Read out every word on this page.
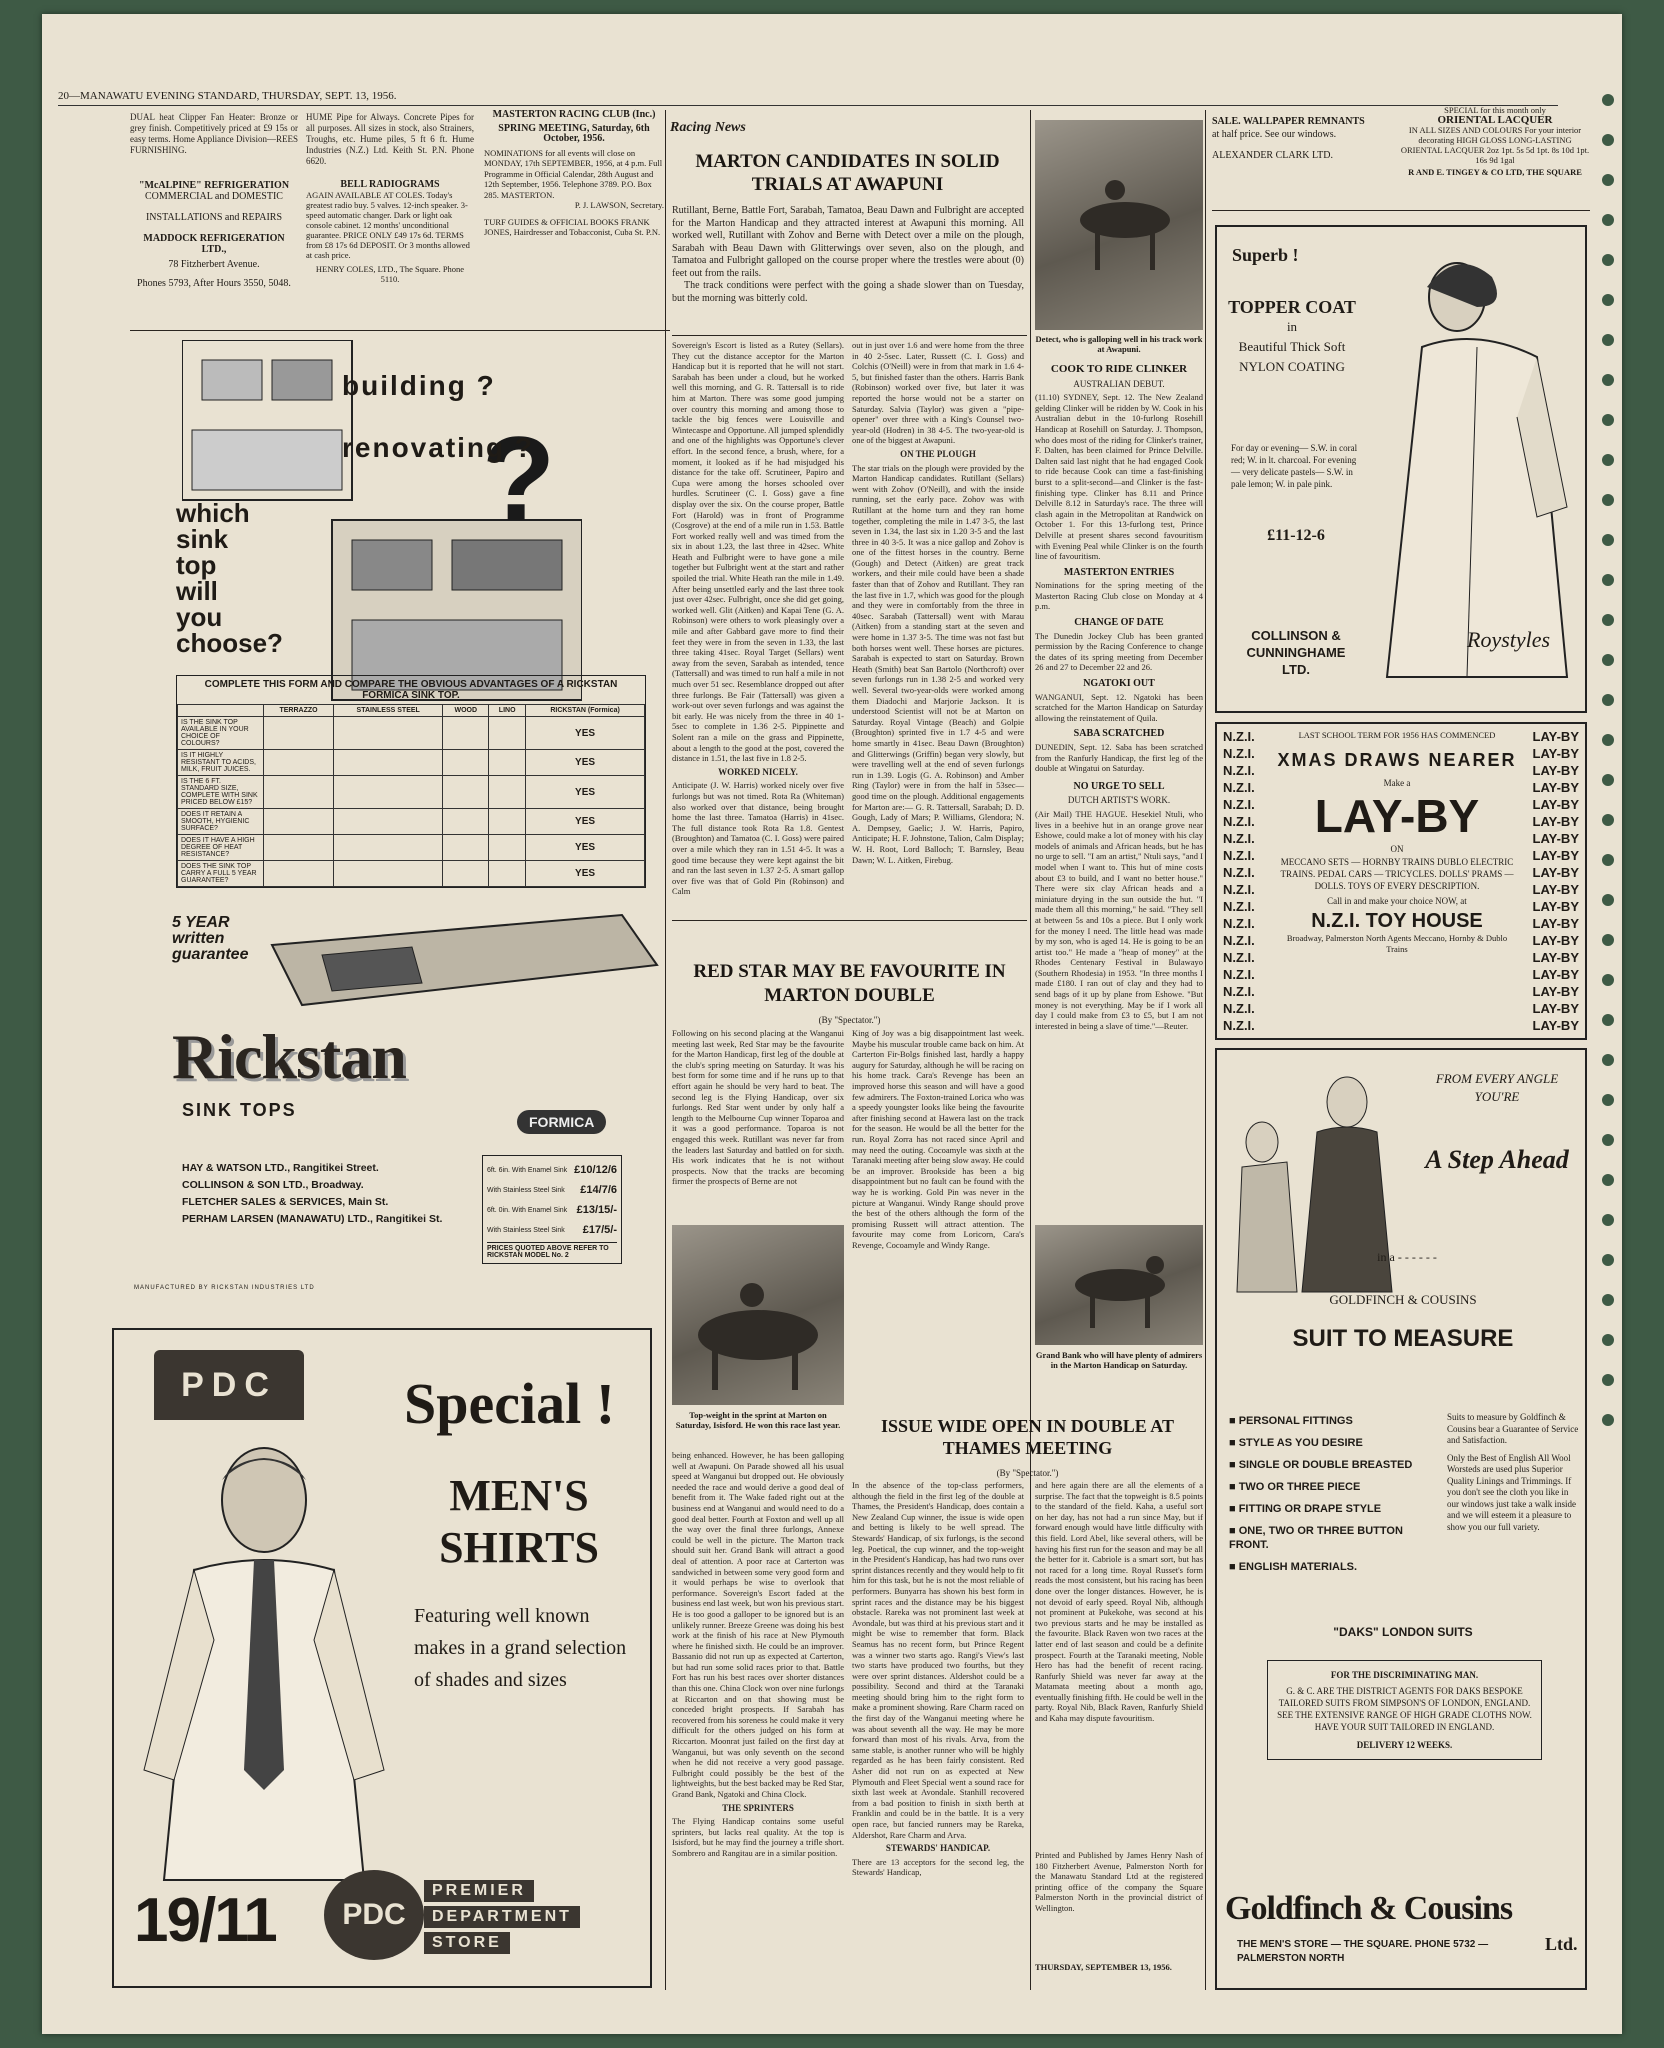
20—MANAWATU EVENING STANDARD, THURSDAY, SEPT. 13, 1956.
DUAL heat Clipper Fan Heater: Bronze or grey finish. Competitively priced at £9 15s or easy terms. Home Appliance Division—REES FURNISHING.
HUME Pipe for Always. Concrete Pipes for all purposes. All sizes in stock, also Strainers, Troughs, etc. Hume piles, 5 ft 6 ft. Hume Industries (N.Z.) Ltd. Keith St. P.N. Phone 6620.
"McALPINE" REFRIGERATION
COMMERCIAL and DOMESTIC
INSTALLATIONS and REPAIRS
MADDOCK REFRIGERATION LTD.,
78 Fitzherbert Avenue.
Phones 5793, After Hours 3550, 5048.
BELL RADIOGRAMS
AGAIN AVAILABLE AT COLES. Today's greatest radio buy. 5 valves. 12-inch speaker. 3-speed automatic changer. Dark or light oak console cabinet. 12 months' unconditional guarantee. PRICE ONLY £49 17s 6d. TERMS from £8 17s 6d DEPOSIT. Or 3 months allowed at cash price.
HENRY COLES, LTD., The Square. Phone 5110.
MASTERTON RACING CLUB (Inc.)
SPRING MEETING, Saturday, 6th October, 1956.
NOMINATIONS for all events will close on MONDAY, 17th SEPTEMBER, 1956, at 4 p.m. Full Programme in Official Calendar, 28th August and 12th September, 1956. Telephone 3789. P.O. Box 285. MASTERTON.
P. J. LAWSON, Secretary.
TURF GUIDES & OFFICIAL BOOKS FRANK JONES, Hairdresser and Tobacconist, Cuba St. P.N.
?
building ?
renovating ?
which
sink
top
will
you
choose?
COMPLETE THIS FORM AND COMPARE THE OBVIOUS ADVANTAGES OF A RICKSTAN FORMICA SINK TOP.
	TERRAZZO	STAINLESS STEEL	WOOD	LINO	RICKSTAN (Formica)
IS THE SINK TOP AVAILABLE IN YOUR CHOICE OF COLOURS?					YES
IS IT HIGHLY RESISTANT TO ACIDS, MILK, FRUIT JUICES.					YES
IS THE 6 FT. STANDARD SIZE, COMPLETE WITH SINK PRICED BELOW £15?					YES
DOES IT RETAIN A SMOOTH, HYGIENIC SURFACE?					YES
DOES IT HAVE A HIGH DEGREE OF HEAT RESISTANCE?					YES
DOES THE SINK TOP CARRY A FULL 5 YEAR GUARANTEE?					YES
5 YEAR written guarantee
Rickstan
SINK TOPS
FORMICA
HAY & WATSON LTD., Rangitikei Street.
COLLINSON & SON LTD., Broadway.
FLETCHER SALES & SERVICES, Main St.
PERHAM LARSEN (MANAWATU) LTD., Rangitikei St.
6ft. 6in. With Enamel Sink £10/12/6
With Stainless Steel Sink £14/7/6
6ft. 0in. With Enamel Sink £13/15/-
With Stainless Steel Sink £17/5/-
PRICES QUOTED ABOVE REFER TO RICKSTAN MODEL No. 2
MANUFACTURED BY RICKSTAN INDUSTRIES LTD
PDC	Special !
MEN'S
SHIRTS
Featuring well known makes in a grand selection of shades and sizes
19/11	PDC
PREMIER
DEPARTMENT
STORE
Racing News
MARTON CANDIDATES IN SOLID TRIALS AT AWAPUNI
Rutillant, Berne, Battle Fort, Sarabah, Tamatoa, Beau Dawn and Fulbright are accepted for the Marton Handicap and they attracted interest at Awapuni this morning. All worked well, Rutillant with Zohov and Berne with Detect over a mile on the plough, Sarabah with Beau Dawn with Glitterwings over seven, also on the plough, and Tamatoa and Fulbright galloped on the course proper where the trestles were about (0) feet out from the rails.
The track conditions were perfect with the going a shade slower than on Tuesday, but the morning was bitterly cold.
Sovereign's Escort is listed as a Rutey (Sellars). They cut the distance acceptor for the Marton Handicap but it is reported that he will not start. Sarabah has been under a cloud, but he worked well this morning, and G. R. Tattersall is to ride him at Marton. There was some good jumping over country this morning and among those to tackle the big fences were Louisville and Wintecaspe and Opportune. All jumped splendidly and one of the highlights was Opportune's clever effort. In the second fence, a brush, where, for a moment, it looked as if he had misjudged his distance for the take off. Scrutineer, Papiro and Cupa were among the horses schooled over hurdles. Scrutineer (C. I. Goss) gave a fine display over the six. On the course proper, Battle Fort (Harold) was in front of Programme (Cosgrove) at the end of a mile run in 1.53. Battle Fort worked really well and was timed from the six in about 1.23, the last three in 42sec. White Heath and Fulbright were to have gone a mile together but Fulbright went at the start and rather spoiled the trial. White Heath ran the mile in 1.49. After being unsettled early and the last three took just over 42sec. Fulbright, once she did get going, worked well. Glit (Aitken) and Kapai Tene (G. A. Robinson) were others to work pleasingly over a mile and after Gabbard gave more to find their feet they were in from the seven in 1.33, the last three taking 41sec. Royal Target (Sellars) went away from the seven, Sarabah as intended, tence (Tattersall) and was timed to run half a mile in not much over 51 sec. Resemblance dropped out after three furlongs. Be Fair (Tattersall) was given a work-out over seven furlongs and was against the bit early. He was nicely from the three in 40 1-5sec to complete in 1.36 2-5. Pippinette and Solent ran a mile on the grass and Pippinette, about a length to the good at the post, covered the distance in 1.51, the last five in 1.8 2-5.
WORKED NICELY.
Anticipate (J. W. Harris) worked nicely over five furlongs but was not timed. Rota Ra (Whiteman) also worked over that distance, being brought home the last three. Tamatoa (Harris) in 41sec. The full distance took Rota Ra 1.8. Gentest (Broughton) and Tamatoa (C. I. Goss) were paired over a mile which they ran in 1.51 4-5. It was a good time because they were kept against the bit and ran the last seven in 1.37 2-5. A smart gallop over five was that of Gold Pin (Robinson) and Calm
out in just over 1.6 and were home from the three in 40 2-5sec. Later, Russett (C. I. Goss) and Colchis (O'Neill) were in from that mark in 1.6 4-5, but finished faster than the others. Harris Bank (Robinson) worked over five, but later it was reported the horse would not be a starter on Saturday. Salvia (Taylor) was given a "pipe-opener" over three with a King's Counsel two-year-old (Hodren) in 38 4-5. The two-year-old is one of the biggest at Awapuni.
ON THE PLOUGH
The star trials on the plough were provided by the Marton Handicap candidates. Rutillant (Sellars) went with Zohov (O'Neill), and with the inside running, set the early pace. Zohov was with Rutillant at the home turn and they ran home together, completing the mile in 1.47 3-5, the last seven in 1.34, the last six in 1.20 3-5 and the last three in 40 3-5. It was a nice gallop and Zohov is one of the fittest horses in the country. Berne (Gough) and Detect (Aitken) are great track workers, and their mile could have been a shade faster than that of Zohov and Rutillant. They ran the last five in 1.7, which was good for the plough and they were in comfortably from the three in 40sec. Sarabah (Tattersall) went with Marau (Aitken) from a standing start at the seven and were home in 1.37 3-5. The time was not fast but both horses went well. These horses are pictures. Sarabah is expected to start on Saturday. Brown Heath (Smith) beat San Bartolo (Northcroft) over seven furlongs run in 1.38 2-5 and worked very well. Several two-year-olds were worked among them Diadochi and Marjorie Jackson. It is understood Scientist will not be at Marton on Saturday. Royal Vintage (Beach) and Golpie (Broughton) sprinted five in 1.7 4-5 and were home smartly in 41sec. Beau Dawn (Broughton) and Glitterwings (Griffin) began very slowly, but were travelling well at the end of seven furlongs run in 1.39. Logis (G. A. Robinson) and Amber Ring (Taylor) were in from the half in 53sec—good time on the plough. Additional engagements for Marton are:— G. R. Tattersall, Sarabah; D. D. Gough, Lady of Mars; P. Williams, Glendora; N. A. Dempsey, Gaelic; J. W. Harris, Papiro, Anticipate; H. F. Johnstone, Talion, Calm Display; W. H. Root, Lord Balloch; T. Barnsley, Beau Dawn; W. L. Aitken, Firebug.
RED STAR MAY BE FAVOURITE IN MARTON DOUBLE
(By "Spectator.")
Following on his second placing at the Wanganui meeting last week, Red Star may be the favourite for the Marton Handicap, first leg of the double at the club's spring meeting on Saturday. It was his best form for some time and if he runs up to that effort again he should be very hard to beat. The second leg is the Flying Handicap, over six furlongs. Red Star went under by only half a length to the Melbourne Cup winner Toparoa and it was a good performance. Toparoa is not engaged this week. Rutillant was never far from the leaders last Saturday and battled on for sixth. His work indicates that he is not without prospects. Now that the tracks are becoming firmer the prospects of Berne are not
King of Joy was a big disappointment last week. Maybe his muscular trouble came back on him. At Carterton Fir-Bolgs finished last, hardly a happy augury for Saturday, although he will be racing on his home track. Cara's Revenge has been an improved horse this season and will have a good few admirers. The Foxton-trained Lorica who was a speedy youngster looks like being the favourite after finishing second at Hawera last on the track for the season. He would be all the better for the run. Royal Zorra has not raced since April and may need the outing. Cocoamyle was sixth at the Taranaki meeting after being slow away. He could be an improver. Brookside has been a big disappointment but no fault can be found with the way he is working. Gold Pin was never in the picture at Wanganui. Windy Range should prove the best of the others although the form of the promising Russett will attract attention. The favourite may come from Loricorn, Cara's Revenge, Cocoamyle and Windy Range.
Top-weight in the sprint at Marton on Saturday, Isisford. He won this race last year.
being enhanced. However, he has been galloping well at Awapuni. On Parade showed all his usual speed at Wanganui but dropped out. He obviously needed the race and would derive a good deal of benefit from it. The Wake faded right out at the business end at Wanganui and would need to do a good deal better. Fourth at Foxton and well up all the way over the final three furlongs, Annexe could be well in the picture. The Marton track should suit her. Grand Bank will attract a good deal of attention. A poor race at Carterton was sandwiched in between some very good form and it would perhaps be wise to overlook that performance. Sovereign's Escort faded at the business end last week, but won his previous start. He is too good a galloper to be ignored but is an unlikely runner. Breeze Greene was doing his best work at the finish of his race at New Plymouth where he finished sixth. He could be an improver. Bassanio did not run up as expected at Carterton, but had run some solid races prior to that. Battle Fort has run his best races over shorter distances than this one. China Clock won over nine furlongs at Riccarton and on that showing must be conceded bright prospects. If Sarabah has recovered from his soreness he could make it very difficult for the others judged on his form at Riccarton. Moonrat just failed on the first day at Wanganui, but was only seventh on the second when he did not receive a very good passage. Fulbright could possibly be the best of the lightweights, but the best backed may be Red Star, Grand Bank, Ngatoki and China Clock.
THE SPRINTERS
The Flying Handicap contains some useful sprinters, but lacks real quality. At the top is Isisford, but he may find the journey a trifle short. Sombrero and Rangitau are in a similar position.
ISSUE WIDE OPEN IN DOUBLE AT THAMES MEETING
(By "Spectator.")
In the absence of the top-class performers, although the field in the first leg of the double at Thames, the President's Handicap, does contain a New Zealand Cup winner, the issue is wide open and betting is likely to be well spread. The Stewards' Handicap, of six furlongs, is the second leg. Poetical, the cup winner, and the top-weight in the President's Handicap, has had two runs over sprint distances recently and they would help to fit him for this task, but he is not the most reliable of performers. Bunyarra has shown his best form in sprint races and the distance may be his biggest obstacle. Rareka was not prominent last week at Avondale, but was third at his previous start and it might be wise to remember that form. Black Seamus has no recent form, but Prince Regent was a winner two starts ago. Rangi's View's last two starts have produced two fourths, but they were over sprint distances. Aldershot could be a possibility. Second and third at the Taranaki meeting should bring him to the right form to make a prominent showing. Rare Charm raced on the first day of the Wanganui meeting where he was about seventh all the way. He may be more forward than most of his rivals. Arva, from the same stable, is another runner who will be highly regarded as he has been fairly consistent. Red Asher did not run on as expected at New Plymouth and Fleet Special went a sound race for sixth last week at Avondale. Stanhill recovered from a bad position to finish in sixth berth at Franklin and could be in the battle. It is a very open race, but fancied runners may be Rareka, Aldershot, Rare Charm and Arva.
STEWARDS' HANDICAP.
There are 13 acceptors for the second leg, the Stewards' Handicap,
and here again there are all the elements of a surprise. The fact that the topweight is 8.5 points to the standard of the field. Kaha, a useful sort on her day, has not had a run since May, but if forward enough would have little difficulty with this field. Lord Abel, like several others, will be having his first run for the season and may be all the better for it. Cabriole is a smart sort, but has not raced for a long time. Royal Russet's form reads the most consistent, but his racing has been done over the longer distances. However, he is not devoid of early speed. Royal Nib, although not prominent at Pukekohe, was second at his two previous starts and he may be installed as the favourite. Black Raven won two races at the latter end of last season and could be a definite prospect. Fourth at the Taranaki meeting, Noble Hero has had the benefit of recent racing. Ranfurly Shield was never far away at the Matamata meeting about a month ago, eventually finishing fifth. He could be well in the party. Royal Nib, Black Raven, Ranfurly Shield and Kaha may dispute favouritism.
Printed and Published by James Henry Nash of 180 Fitzherbert Avenue, Palmerston North for the Manawatu Standard Ltd at the registered printing office of the company the Square Palmerston North in the provincial district of Wellington.
THURSDAY, SEPTEMBER 13, 1956.
Detect, who is galloping well in his track work at Awapuni.
COOK TO RIDE CLINKER
AUSTRALIAN DEBUT.
(11.10) SYDNEY, Sept. 12. The New Zealand gelding Clinker will be ridden by W. Cook in his Australian debut in the 10-furlong Rosehill Handicap at Rosehill on Saturday. J. Thompson, who does most of the riding for Clinker's trainer, F. Dalten, has been claimed for Prince Delville. Dalten said last night that he had engaged Cook to ride because Cook can time a fast-finishing burst to a split-second—and Clinker is the fast-finishing type. Clinker has 8.11 and Prince Delville 8.12 in Saturday's race. The three will clash again in the Metropolitan at Randwick on October 1. For this 13-furlong test, Prince Delville at present shares second favouritism with Evening Peal while Clinker is on the fourth line of favouritism.
MASTERTON ENTRIES
Nominations for the spring meeting of the Masterton Racing Club close on Monday at 4 p.m.
CHANGE OF DATE
The Dunedin Jockey Club has been granted permission by the Racing Conference to change the dates of its spring meeting from December 26 and 27 to December 22 and 26.
NGATOKI OUT
WANGANUI, Sept. 12. Ngatoki has been scratched for the Marton Handicap on Saturday allowing the reinstatement of Quila.
SABA SCRATCHED
DUNEDIN, Sept. 12. Saba has been scratched from the Ranfurly Handicap, the first leg of the double at Wingatui on Saturday.
NO URGE TO SELL
DUTCH ARTIST'S WORK.
(Air Mail) THE HAGUE. Hesekiel Ntuli, who lives in a beehive hut in an orange grove near Eshowe, could make a lot of money with his clay models of animals and African heads, but he has no urge to sell. "I am an artist," Ntuli says, "and I model when I want to. This hut of mine costs about £3 to build, and I want no better house." There were six clay African heads and a miniature drying in the sun outside the hut. "I made them all this morning," he said. "They sell at between 5s and 10s a piece. But I only work for the money I need. The little head was made by my son, who is aged 14. He is going to be an artist too." He made a "heap of money" at the Rhodes Centenary Festival in Bulawayo (Southern Rhodesia) in 1953. "In three months I made £180. I ran out of clay and they had to send bags of it up by plane from Eshowe. "But money is not everything. May be if I work all day I could make from £3 to £5, but I am not interested in being a slave of time."—Reuter.
Grand Bank who will have plenty of admirers in the Marton Handicap on Saturday.
SALE. WALLPAPER REMNANTS
at half price. See our windows.
ALEXANDER CLARK LTD.
SPECIAL for this month only
ORIENTAL LACQUER
IN ALL SIZES AND COLOURS For your interior decorating HIGH GLOSS LONG-LASTING ORIENTAL LACQUER 2oz 1pt. 5s 5d 1pt. 8s 10d 1pt. 16s 9d 1gal
R AND E. TINGEY & CO LTD, THE SQUARE
Superb !
TOPPER COAT
in
Beautiful Thick Soft
NYLON COATING
For day or evening— S.W. in coral red; W. in lt. charcoal. For evening — very delicate pastels— S.W. in pale lemon; W. in pale pink.
£11-12-6
COLLINSON & CUNNINGHAME LTD.
Roystyles
N.Z.I.
N.Z.I.
N.Z.I.
N.Z.I.
N.Z.I.
N.Z.I.
N.Z.I.
N.Z.I.
N.Z.I.
N.Z.I.
N.Z.I.
N.Z.I.
N.Z.I.
N.Z.I.
N.Z.I.
N.Z.I.
N.Z.I.
N.Z.I.
LAY-BY
LAY-BY
LAY-BY
LAY-BY
LAY-BY
LAY-BY
LAY-BY
LAY-BY
LAY-BY
LAY-BY
LAY-BY
LAY-BY
LAY-BY
LAY-BY
LAY-BY
LAY-BY
LAY-BY
LAY-BY
LAST SCHOOL TERM FOR 1956 HAS COMMENCED
XMAS DRAWS NEARER
Make a
LAY-BY
ON
MECCANO SETS — HORNBY TRAINS DUBLO ELECTRIC TRAINS. PEDAL CARS — TRICYCLES. DOLLS' PRAMS — DOLLS. TOYS OF EVERY DESCRIPTION.
Call in and make your choice NOW, at
N.Z.I. TOY HOUSE
Broadway, Palmerston North Agents Meccano, Hornby & Dublo Trains
FROM EVERY ANGLE YOU'RE
A Step Ahead
in a - - - - - -
GOLDFINCH & COUSINS
SUIT TO MEASURE
■ PERSONAL FITTINGS
■ STYLE AS YOU DESIRE
■ SINGLE OR DOUBLE BREASTED
■ TWO OR THREE PIECE
■ FITTING OR DRAPE STYLE
■ ONE, TWO OR THREE BUTTON FRONT.
■ ENGLISH MATERIALS.
Suits to measure by Goldfinch & Cousins bear a Guarantee of Service and Satisfaction.
Only the Best of English All Wool Worsteds are used plus Superior Quality Linings and Trimmings. If you don't see the cloth you like in our windows just take a walk inside and we will esteem it a pleasure to show you our full variety.
"DAKS" LONDON SUITS
FOR THE DISCRIMINATING MAN.
G. & C. ARE THE DISTRICT AGENTS FOR DAKS BESPOKE TAILORED SUITS FROM SIMPSON'S OF LONDON, ENGLAND. SEE THE EXTENSIVE RANGE OF HIGH GRADE CLOTHS NOW. HAVE YOUR SUIT TAILORED IN ENGLAND.
DELIVERY 12 WEEKS.
Goldfinch & Cousins
Ltd.
THE MEN'S STORE — THE SQUARE. PHONE 5732 — PALMERSTON NORTH
